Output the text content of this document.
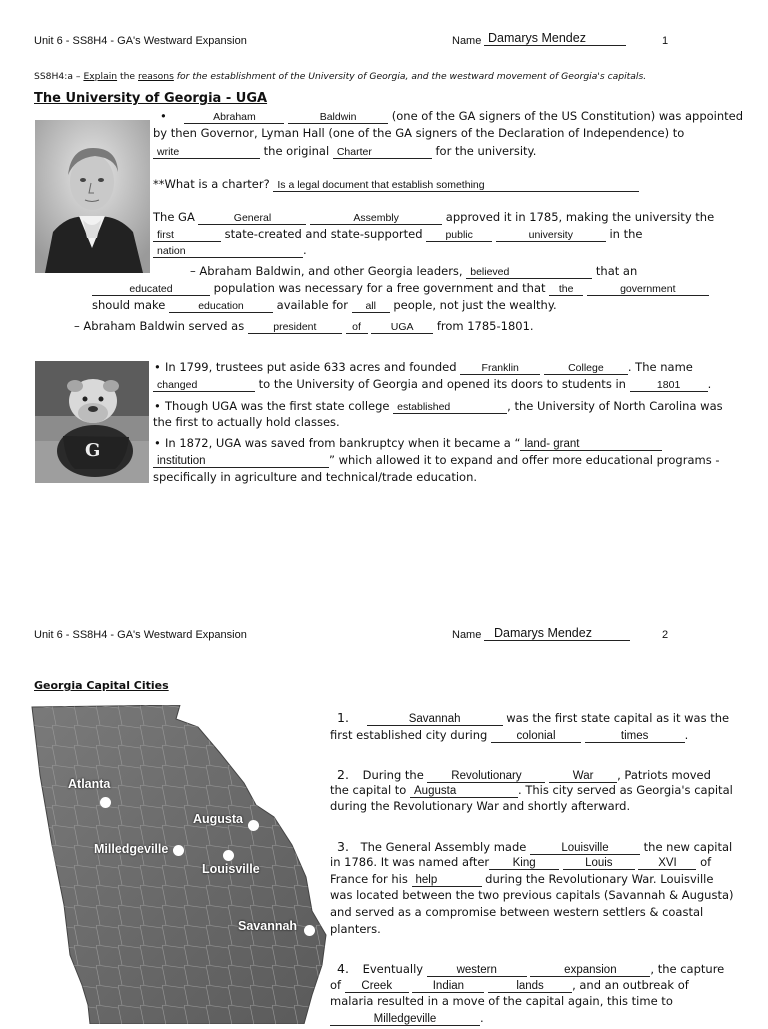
Unit 6 - SS8H4 - GA's Westward Expansion	Name Damarys Mendez	1
SS8H4:a – Explain the reasons for the establishment of the University of Georgia, and the westward movement of Georgia's capitals.
The University of Georgia - UGA
•	Abraham	Baldwin	(one of the GA signers of the US Constitution) was appointed
by then Governor, Lyman Hall (one of the GA signers of the Declaration of Independence) to
write	the original Charter	for the university.
**What is a charter? Is a legal document that establish something
The GA	General	Assembly	approved it in 1785, making the university the
first	state-created and state-supported public	university	in the
nation	.
– Abraham Baldwin, and other Georgia leaders, believed	that an
educated	population was necessary for a free government and that the	government
should make	education	available for all people, not just the wealthy.
– Abraham Baldwin served as	president	of	UGA from 1785-1801.
G
• In 1799, trustees put aside 633 acres and founded Franklin	College . The name
changed	to the University of Georgia and opened its doors to students in	1801 .
• Though UGA was the first state college established	, the University of North Carolina was
the first to actually hold classes.
• In 1872, UGA was saved from bankruptcy when it became a “ land- grant
institution	” which allowed it to expand and offer more educational programs -
specifically in agriculture and technical/trade education.
Unit 6 - SS8H4 - GA's Westward Expansion	Name	Damarys Mendez	2
Georgia Capital Cities
Atlanta
Augusta
Milledgeville
Louisville
Savannah
1.	Savannah	was the first state capital as it was the
first established city during	colonial	times	.
2. During the Revolutionary	War , Patriots moved
the capital to Augusta	. This city served as Georgia's capital
during the Revolutionary War and shortly afterward.
3. The General Assembly made	Louisville	the new capital
in 1786. It was named after King	Louis	XVI of
France for his help	during the Revolutionary War. Louisville
was located between the two previous capitals (Savannah & Augusta)
and served as a compromise between western settlers & coastal
planters.
4. Eventually	western	expansion	, the capture
of Creek	Indian	lands , and an outbreak of
malaria resulted in a move of the capital again, this time to
Milledgeville	.
